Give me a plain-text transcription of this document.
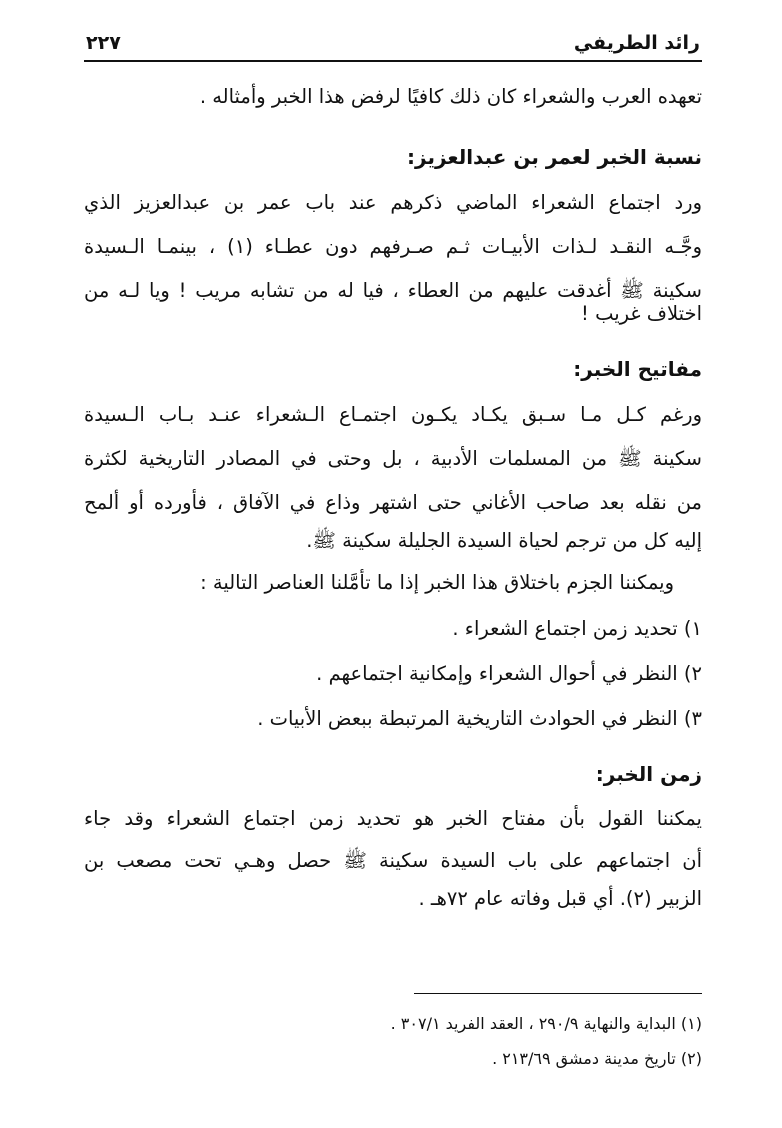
رائد الطريفي
٢٢٧
تعهده العرب والشعراء كان ذلك كافيًا لرفض هذا الخبر وأمثاله .
نسبة الخبر لعمر بن عبدالعزيز:
ورد اجتماع الشعراء الماضي ذكرهم عند باب عمر بن عبدالعزيز الذي
وجَّـه النقـد لـذات الأبيـات ثـم صـرفهم دون عطـاء (١) ، بينمـا الـسيدة
سكينة ﷺ أغدقت عليهم من العطاء ، فيا له من تشابه مريب ! ويا لـه من
اختلاف غريب !
مفاتيح الخبر:
ورغم كـل مـا سـبق يكـاد يكـون اجتمـاع الـشعراء عنـد بـاب الـسيدة
سكينة ﷺ من المسلمات الأدبية ، بل وحتى في المصادر التاريخية لكثرة
من نقله بعد صاحب الأغاني حتى اشتهر وذاع في الآفاق ، فأورده أو ألمح
إليه كل من ترجم لحياة السيدة الجليلة سكينة ﷺ.
ويمكننا الجزم باختلاق هذا الخبر إذا ما تأمَّلنا العناصر التالية :
١) تحديد زمن اجتماع الشعراء .
٢) النظر في أحوال الشعراء وإمكانية اجتماعهم .
٣) النظر في الحوادث التاريخية المرتبطة ببعض الأبيات .
زمن الخبر:
يمكننا القول بأن مفتاح الخبر هو تحديد زمن اجتماع الشعراء وقد جاء
أن اجتماعهم على باب السيدة سكينة ﷺ حصل وهـي تحت مصعب بن
الزبير (٢). أي قبل وفاته عام ٧٢هـ .
(١) البداية والنهاية ٢٩٠/٩ ، العقد الفريد ٣٠٧/١ .
(٢) تاريخ مدينة دمشق ٢١٣/٦٩ .
